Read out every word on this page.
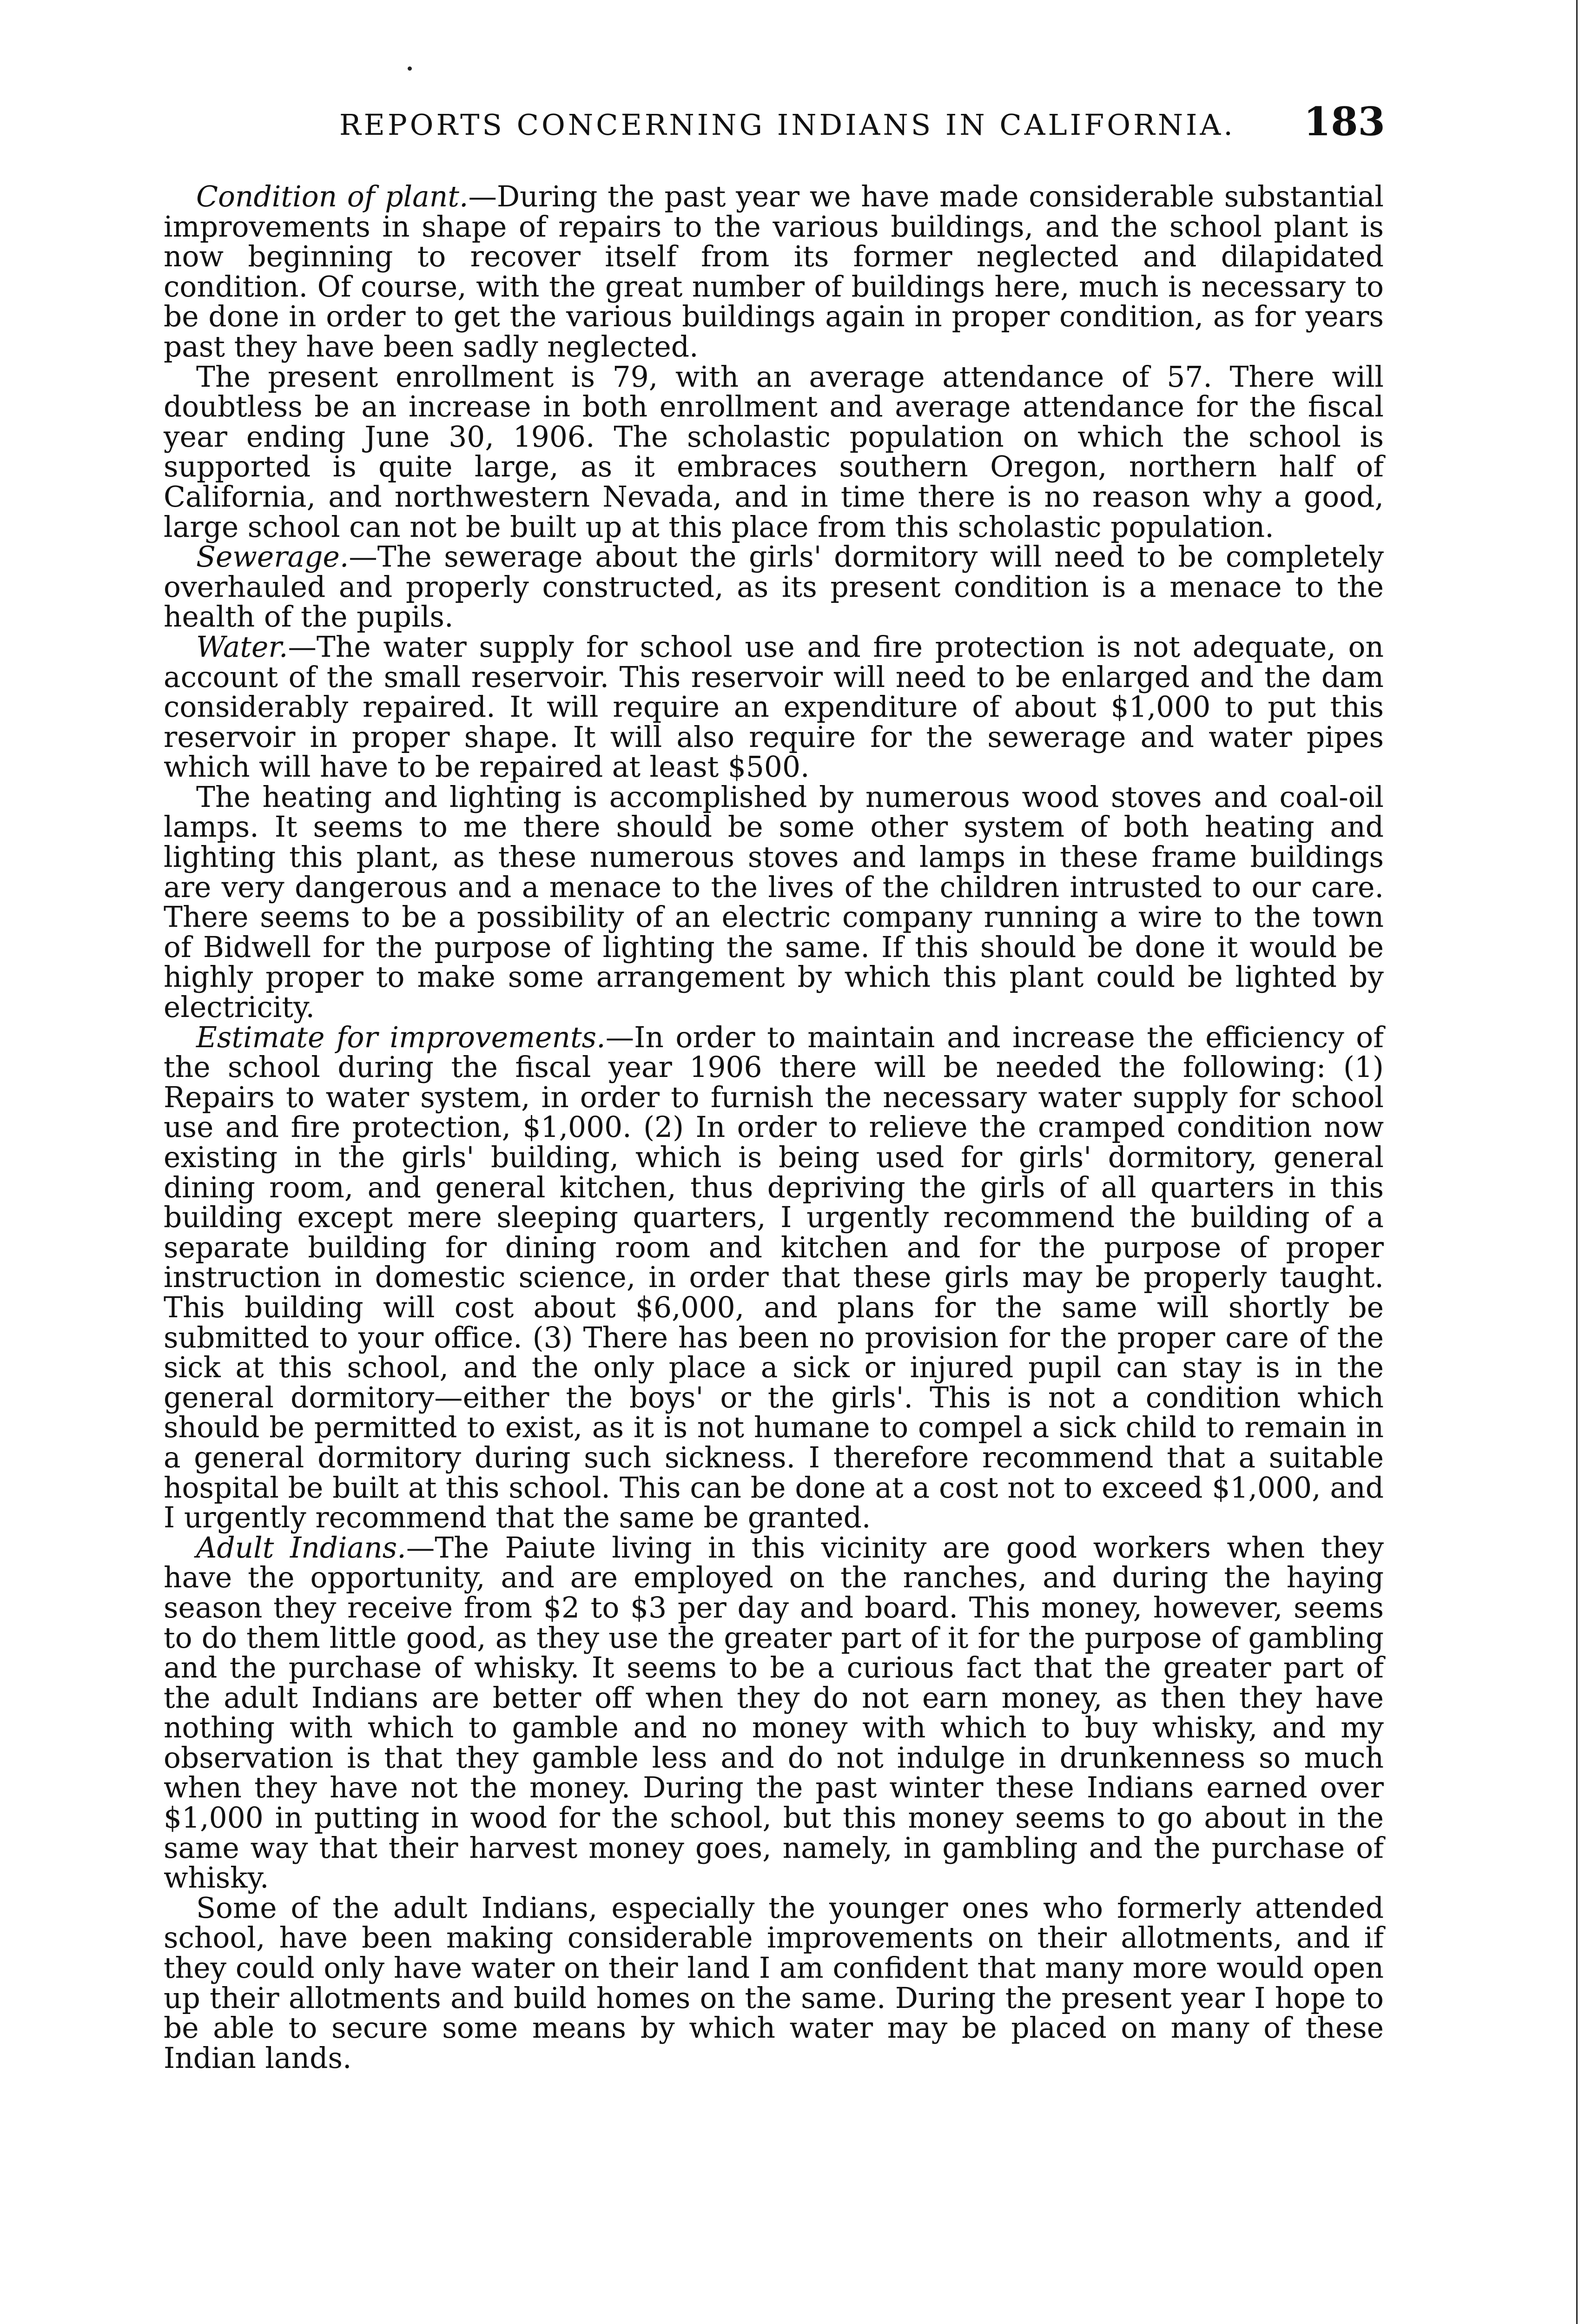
REPORTS CONCERNING INDIANS IN CALIFORNIA. 183

Condition of plant.—During the past year we have made considerable substantial improvements in shape of repairs to the various buildings, and the school plant is now beginning to recover itself from its former neglected and dilapidated condition. Of course, with the great number of buildings here, much is necessary to be done in order to get the various buildings again in proper condition, as for years past they have been sadly neglected.

The present enrollment is 79, with an average attendance of 57. There will doubtless be an increase in both enrollment and average attendance for the fiscal year ending June 30, 1906. The scholastic population on which the school is supported is quite large, as it embraces southern Oregon, northern half of California, and northwestern Nevada, and in time there is no reason why a good, large school can not be built up at this place from this scholastic population.

Sewerage.—The sewerage about the girls' dormitory will need to be completely overhauled and properly constructed, as its present condition is a menace to the health of the pupils.

Water.—The water supply for school use and fire protection is not adequate, on account of the small reservoir. This reservoir will need to be enlarged and the dam considerably repaired. It will require an expenditure of about $1,000 to put this reservoir in proper shape. It will also require for the sewerage and water pipes which will have to be repaired at least $500.

The heating and lighting is accomplished by numerous wood stoves and coal-oil lamps. It seems to me there should be some other system of both heating and lighting this plant, as these numerous stoves and lamps in these frame buildings are very dangerous and a menace to the lives of the children intrusted to our care. There seems to be a possibility of an electric company running a wire to the town of Bidwell for the purpose of lighting the same. If this should be done it would be highly proper to make some arrangement by which this plant could be lighted by electricity.

Estimate for improvements.—In order to maintain and increase the efficiency of the school during the fiscal year 1906 there will be needed the following: (1) Repairs to water system, in order to furnish the necessary water supply for school use and fire protection, $1,000. (2) In order to relieve the cramped condition now existing in the girls' building, which is being used for girls' dormitory, general dining room, and general kitchen, thus depriving the girls of all quarters in this building except mere sleeping quarters, I urgently recommend the building of a separate building for dining room and kitchen and for the purpose of proper instruction in domestic science, in order that these girls may be properly taught. This building will cost about $6,000, and plans for the same will shortly be submitted to your office. (3) There has been no provision for the proper care of the sick at this school, and the only place a sick or injured pupil can stay is in the general dormitory—either the boys' or the girls'. This is not a condition which should be permitted to exist, as it is not humane to compel a sick child to remain in a general dormitory during such sickness. I therefore recommend that a suitable hospital be built at this school. This can be done at a cost not to exceed $1,000, and I urgently recommend that the same be granted.

Adult Indians.—The Paiute living in this vicinity are good workers when they have the opportunity, and are employed on the ranches, and during the haying season they receive from $2 to $3 per day and board. This money, however, seems to do them little good, as they use the greater part of it for the purpose of gambling and the purchase of whisky. It seems to be a curious fact that the greater part of the adult Indians are better off when they do not earn money, as then they have nothing with which to gamble and no money with which to buy whisky, and my observation is that they gamble less and do not indulge in drunkenness so much when they have not the money. During the past winter these Indians earned over $1,000 in putting in wood for the school, but this money seems to go about in the same way that their harvest money goes, namely, in gambling and the purchase of whisky.

Some of the adult Indians, especially the younger ones who formerly attended school, have been making considerable improvements on their allotments, and if they could only have water on their land I am confident that many more would open up their allotments and build homes on the same. During the present year I hope to be able to secure some means by which water may be placed on many of these Indian lands.
